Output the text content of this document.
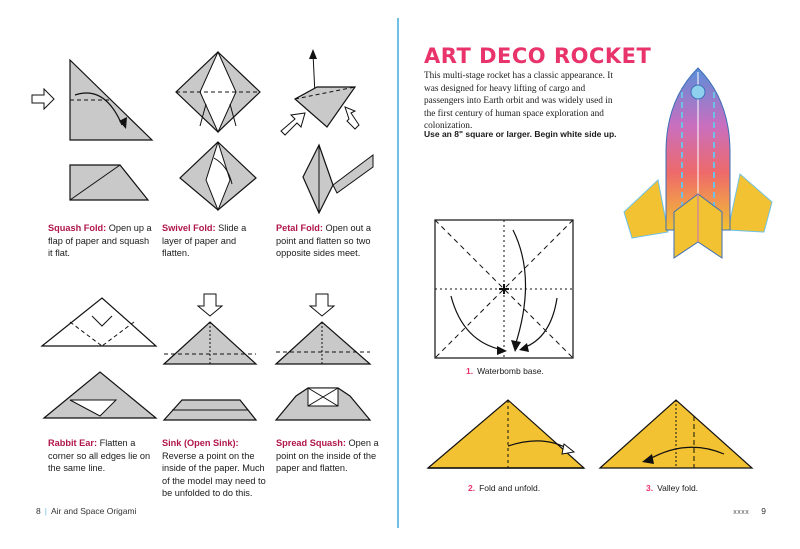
Squash Fold: Open up a flap of paper and squash it flat.
Swivel Fold: Slide a layer of paper and flatten.
Petal Fold: Open out a point and flatten so two opposite sides meet.
Rabbit Ear: Flatten a corner so all edges lie on the same line.
Sink (Open Sink): Reverse a point on the inside of the paper. Much of the model may need to be unfolded to do this.
Spread Squash: Open a point on the inside of the paper and flatten.
8 | Air and Space Origami
ART DECO ROCKET
This multi-stage rocket has a classic appearance. It was designed for heavy lifting of cargo and passengers into Earth orbit and was widely used in the first century of human space exploration and colonization.
Use an 8" square or larger. Begin white side up.
1. Waterbomb base.
2. Fold and unfold.	3. Valley fold.
xxxx 9
